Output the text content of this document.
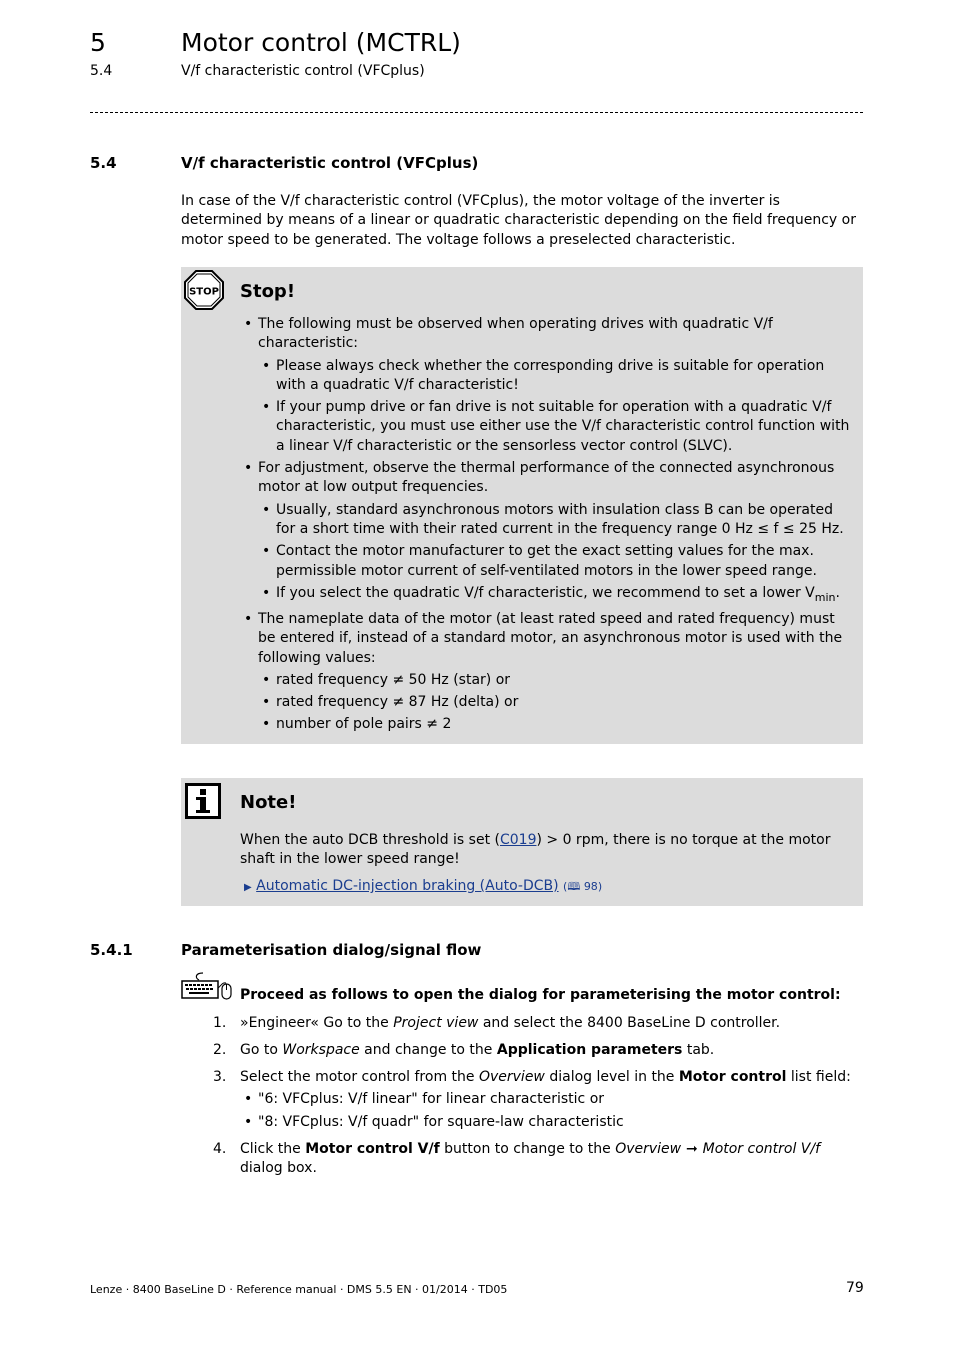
5	Motor control (MCTRL)
5.4	V/f characteristic control (VFCplus)
5.4	V/f characteristic control (VFCplus)
In case of the V/f characteristic control (VFCplus), the motor voltage of the inverter is determined by means of a linear or quadratic characteristic depending on the field frequency or motor speed to be generated. The voltage follows a preselected characteristic.
STOP Stop!
• The following must be observed when operating drives with quadratic V/f characteristic:
• Please always check whether the corresponding drive is suitable for operation with a quadratic V/f characteristic!
• If your pump drive or fan drive is not suitable for operation with a quadratic V/f characteristic, you must use either use the V/f characteristic control function with a linear V/f characteristic or the sensorless vector control (SLVC).
• For adjustment, observe the thermal performance of the connected asynchronous motor at low output frequencies.
• Usually, standard asynchronous motors with insulation class B can be operated for a short time with their rated current in the frequency range 0 Hz ≤ f ≤ 25 Hz.
• Contact the motor manufacturer to get the exact setting values for the max. permissible motor current of self-ventilated motors in the lower speed range.
• If you select the quadratic V/f characteristic, we recommend to set a lower $V_{min}$.
• The nameplate data of the motor (at least rated speed and rated frequency) must be entered if, instead of a standard motor, an asynchronous motor is used with the following values:
• rated frequency ≠ 50 Hz (star) or
• rated frequency ≠ 87 Hz (delta) or
• number of pole pairs ≠ 2
Note!
When the auto DCB threshold is set (C019) > 0 rpm, there is no torque at the motor shaft in the lower speed range!
▶ Automatic DC-injection braking (Auto-DCB) (🕮 98)
5.4.1	Parameterisation dialog/signal flow
Proceed as follows to open the dialog for parameterising the motor control:
1. »Engineer« Go to the Project view and select the 8400 BaseLine D controller.
2. Go to Workspace and change to the Application parameters tab.
3. Select the motor control from the Overview dialog level in the Motor control list field:
• "6: VFCplus: V/f linear" for linear characteristic or
• "8: VFCplus: V/f quadr" for square-law characteristic
4. Click the Motor control V/f button to change to the Overview ➞ Motor control V/f dialog box.
Lenze · 8400 BaseLine D · Reference manual · DMS 5.5 EN · 01/2014 · TD05	79
